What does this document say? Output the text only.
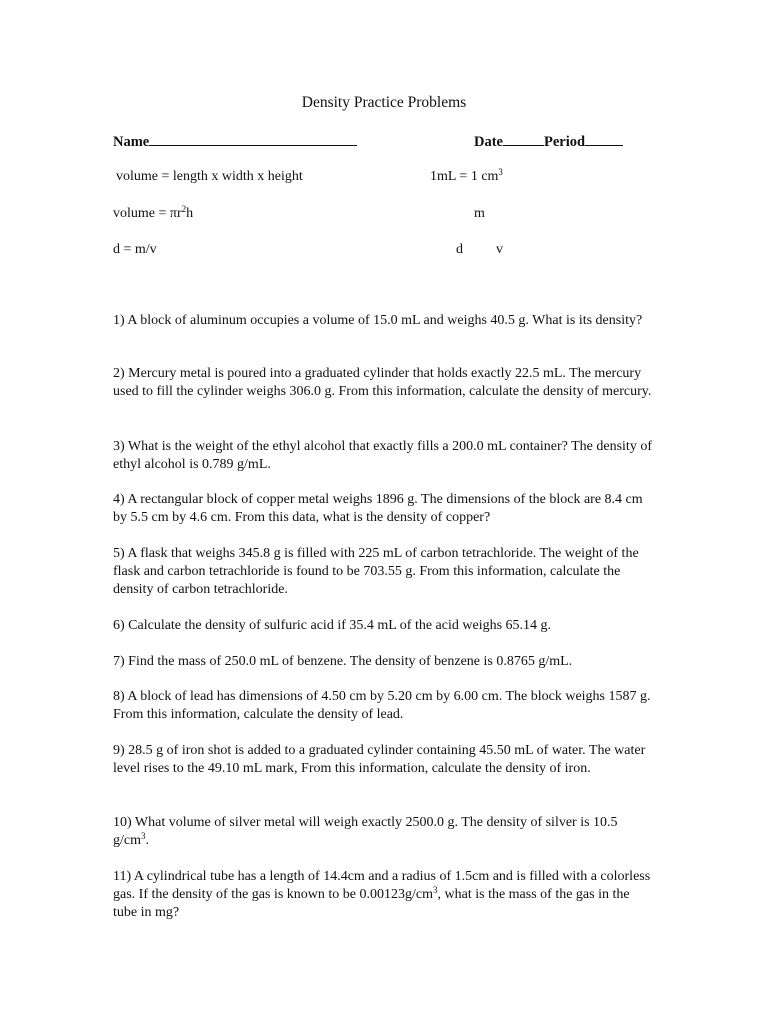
Density Practice Problems
Name	Date	Period
volume = length x width x height	1mL = 1 $cm^3$
volume = $\pi r^2h$	m
d = m/v	d v
1) A block of aluminum occupies a volume of 15.0 mL and weighs 40.5 g. What is its density?
2) Mercury metal is poured into a graduated cylinder that holds exactly 22.5 mL. The mercury used to fill the cylinder weighs 306.0 g. From this information, calculate the density of mercury.
3) What is the weight of the ethyl alcohol that exactly fills a 200.0 mL container? The density of ethyl alcohol is 0.789 g/mL.
4) A rectangular block of copper metal weighs 1896 g. The dimensions of the block are 8.4 cm by 5.5 cm by 4.6 cm. From this data, what is the density of copper?
5) A flask that weighs 345.8 g is filled with 225 mL of carbon tetrachloride. The weight of the flask and carbon tetrachloride is found to be 703.55 g. From this information, calculate the density of carbon tetrachloride.
6) Calculate the density of sulfuric acid if 35.4 mL of the acid weighs 65.14 g.
7) Find the mass of 250.0 mL of benzene. The density of benzene is 0.8765 g/mL.
8) A block of lead has dimensions of 4.50 cm by 5.20 cm by 6.00 cm. The block weighs 1587 g. From this information, calculate the density of lead.
9) 28.5 g of iron shot is added to a graduated cylinder containing 45.50 mL of water. The water level rises to the 49.10 mL mark, From this information, calculate the density of iron.
10) What volume of silver metal will weigh exactly 2500.0 g. The density of silver is 10.5 $g/cm^3$.
11) A cylindrical tube has a length of 14.4cm and a radius of 1.5cm and is filled with a colorless gas. If the density of the gas is known to be $0.00123g/cm^3$, what is the mass of the gas in the tube in mg?
